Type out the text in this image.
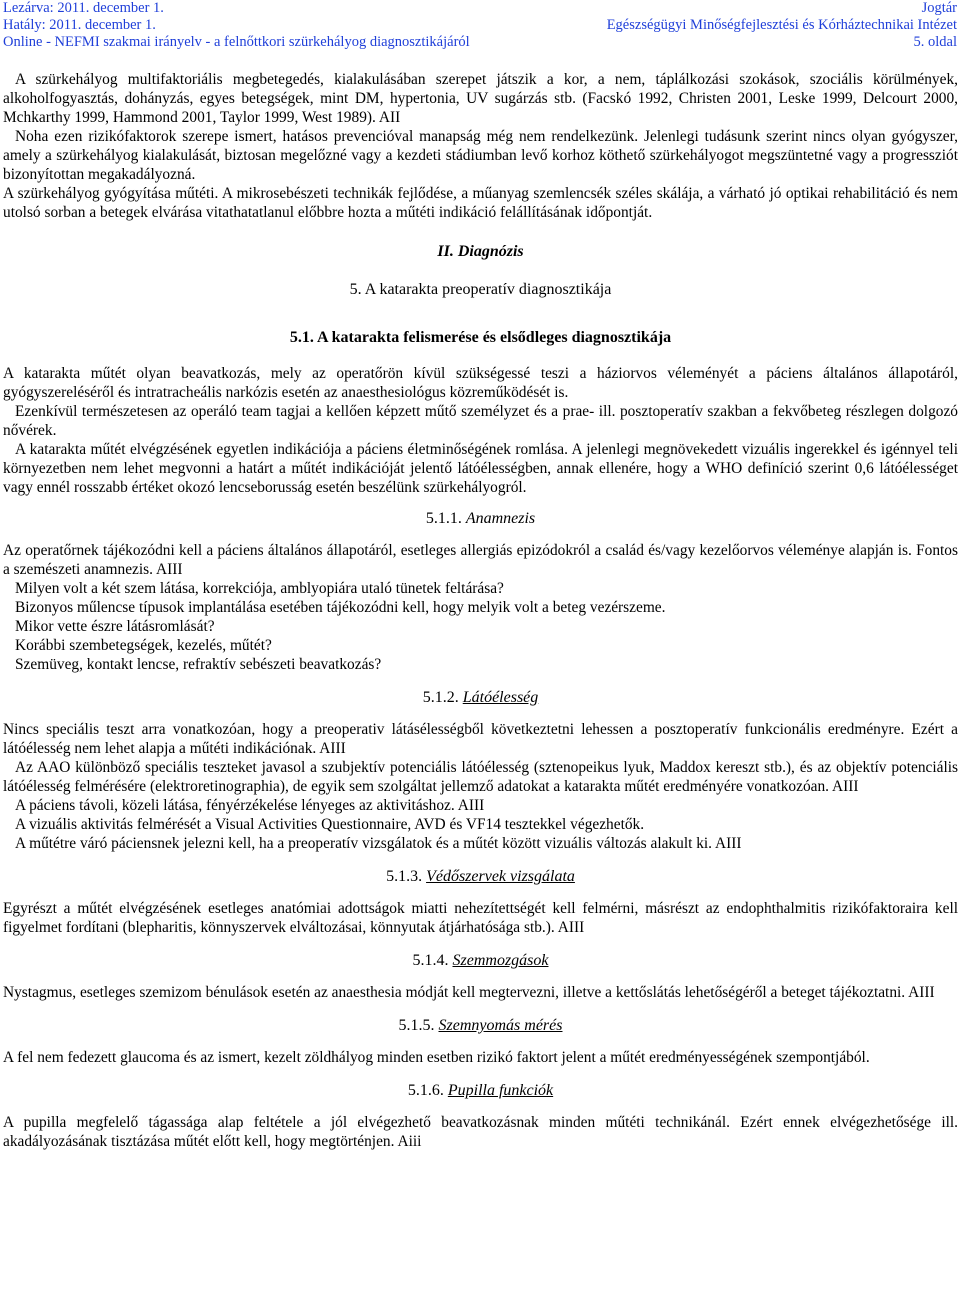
Lezárva: 2011. december 1.
Hatály: 2011. december 1.
Online - NEFMI szakmai irányelv - a felnőttkori szürkehályog diagnosztikájáról
Jogtár
Egészségügyi Minőségfejlesztési és Kórháztechnikai Intézet
5. oldal

A szürkehályog multifaktoriális megbetegedés, kialakulásában szerepet játszik a kor, a nem, táplálkozási szokások, szociális körülmények, alkoholfogyasztás, dohányzás, egyes betegségek, mint DM, hypertonia, UV sugárzás stb. (Facskó 1992, Christen 2001, Leske 1999, Delcourt 2000, Mchkarthy 1999, Hammond 2001, Taylor 1999, West 1989). AII

Noha ezen rizikófaktorok szerepe ismert, hatásos prevencióval manapság még nem rendelkezünk. Jelenlegi tudásunk szerint nincs olyan gyógyszer, amely a szürkehályog kialakulását, biztosan megelőzné vagy a kezdeti stádiumban levő korhoz köthető szürkehályogot megszüntetné vagy a progressziót bizonyítottan megakadályozná.

A szürkehályog gyógyítása műtéti. A mikrosebészeti technikák fejlődése, a műanyag szemlencsék széles skálája, a várható jó optikai rehabilitáció és nem utolsó sorban a betegek elvárása vitathatatlanul előbbre hozta a műtéti indikáció felállításának időpontját.

II. Diagnózis
5. A katarakta preoperatív diagnosztikája
5.1. A katarakta felismerése és elsődleges diagnosztikája

A katarakta műtét olyan beavatkozás, mely az operatőrön kívül szükségessé teszi a háziorvos véleményét a páciens általános állapotáról, gyógyszereléséről és intratracheális narkózis esetén az anaesthesiológus közreműködését is.

Ezenkívül természetesen az operáló team tagjai a kellően képzett műtő személyzet és a prae- ill. posztoperatív szakban a fekvőbeteg részlegen dolgozó nővérek.

A katarakta műtét elvégzésének egyetlen indikációja a páciens életminőségének romlása. A jelenlegi megnövekedett vizuális ingerekkel és igénnyel teli környezetben nem lehet megvonni a határt a műtét indikációját jelentő látóélességben, annak ellenére, hogy a WHO definíció szerint 0,6 látóélességet vagy ennél rosszabb értéket okozó lencseborusság esetén beszélünk szürkehályogról.

5.1.1. Anamnezis

Az operatőrnek tájékozódni kell a páciens általános állapotáról, esetleges allergiás epizódokról a család és/vagy kezelőorvos véleménye alapján is. Fontos a szemészeti anamnezis. AIII

Milyen volt a két szem látása, korrekciója, amblyopiára utaló tünetek feltárása?

Bizonyos műlencse típusok implantálása esetében tájékozódni kell, hogy melyik volt a beteg vezérszeme.

Mikor vette észre látásromlását?

Korábbi szembetegségek, kezelés, műtét?

Szemüveg, kontakt lencse, refraktív sebészeti beavatkozás?

5.1.2. Látóélesség

Nincs speciális teszt arra vonatkozóan, hogy a preoperativ látásélességből következtetni lehessen a posztoperatív funkcionális eredményre. Ezért a látóélesség nem lehet alapja a műtéti indikációnak. AIII

Az AAO különböző speciális teszteket javasol a szubjektív potenciális látóélesség (sztenopeikus lyuk, Maddox kereszt stb.), és az objektív potenciális látóélesség felmérésére (elektroretinographia), de egyik sem szolgáltat jellemző adatokat a katarakta műtét eredményére vonatkozóan. AIII

A páciens távoli, közeli látása, fényérzékelése lényeges az aktivitáshoz. AIII

A vizuális aktivitás felmérését a Visual Activities Questionnaire, AVD és VF14 tesztekkel végezhetők.

A műtétre váró páciensnek jelezni kell, ha a preoperatív vizsgálatok és a műtét között vizuális változás alakult ki. AIII

5.1.3. Védőszervek vizsgálata

Egyrészt a műtét elvégzésének esetleges anatómiai adottságok miatti nehezítettségét kell felmérni, másrészt az endophthalmitis rizikófaktoraira kell figyelmet fordítani (blepharitis, könnyszervek elváltozásai, könnyutak átjárhatósága stb.). AIII

5.1.4. Szemmozgások

Nystagmus, esetleges szemizom bénulások esetén az anaesthesia módját kell megtervezni, illetve a kettőslátás lehetőségéről a beteget tájékoztatni. AIII

5.1.5. Szemnyomás mérés

A fel nem fedezett glaucoma és az ismert, kezelt zöldhályog minden esetben rizikó faktort jelent a műtét eredményességének szempontjából.

5.1.6. Pupilla funkciók

A pupilla megfelelő tágassága alap feltétele a jól elvégezhető beavatkozásnak minden műtéti technikánál. Ezért ennek elvégezhetősége ill. akadályozásának tisztázása műtét előtt kell, hogy megtörténjen. Aiii
